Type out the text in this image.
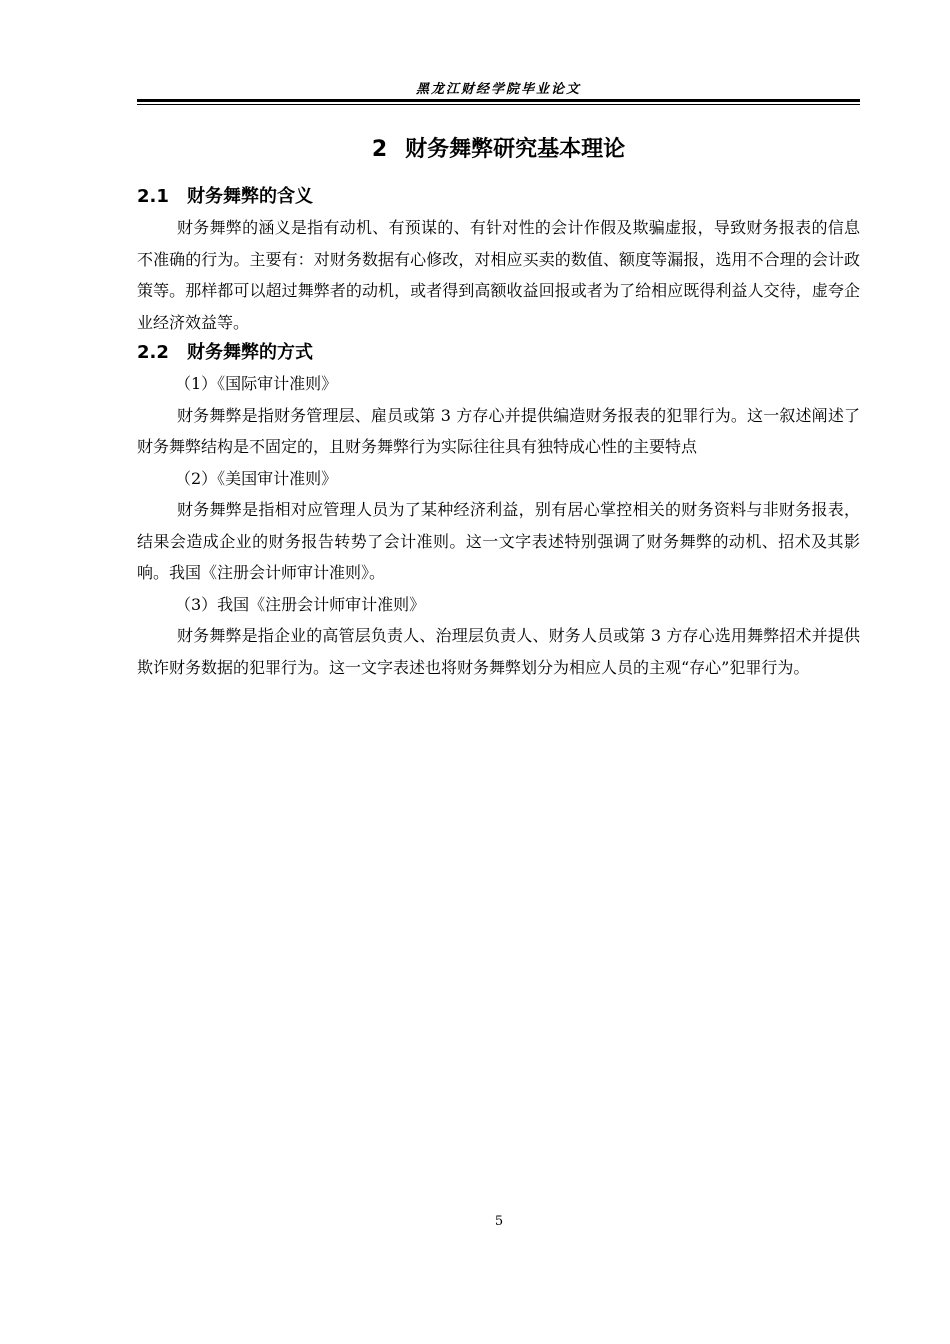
黑龙江财经学院毕业论文
2 财务舞弊研究基本理论
2.1 财务舞弊的含义

财务舞弊的涵义是指有动机、有预谋的、有针对性的会计作假及欺骗虚报，导致财务报表的信息不准确的行为。主要有：对财务数据有心修改，对相应买卖的数值、额度等漏报，选用不合理的会计政策等。那样都可以超过舞弊者的动机，或者得到高额收益回报或者为了给相应既得利益人交待，虚夸企业经济效益等。

2.2 财务舞弊的方式
（1）《国际审计准则》

财务舞弊是指财务管理层、雇员或第 3 方存心并提供编造财务报表的犯罪行为。这一叙述阐述了财务舞弊结构是不固定的，且财务舞弊行为实际往往具有独特成心性的主要特点

（2）《美国审计准则》

财务舞弊是指相对应管理人员为了某种经济利益，别有居心掌控相关的财务资料与非财务报表，结果会造成企业的财务报告转势了会计准则。这一文字表述特别强调了财务舞弊的动机、招术及其影响。我国《注册会计师审计准则》。

（3）我国《注册会计师审计准则》

财务舞弊是指企业的高管层负责人、治理层负责人、财务人员或第 3 方存心选用舞弊招术并提供欺诈财务数据的犯罪行为。这一文字表述也将财务舞弊划分为相应人员的主观“存心”犯罪行为。

5
